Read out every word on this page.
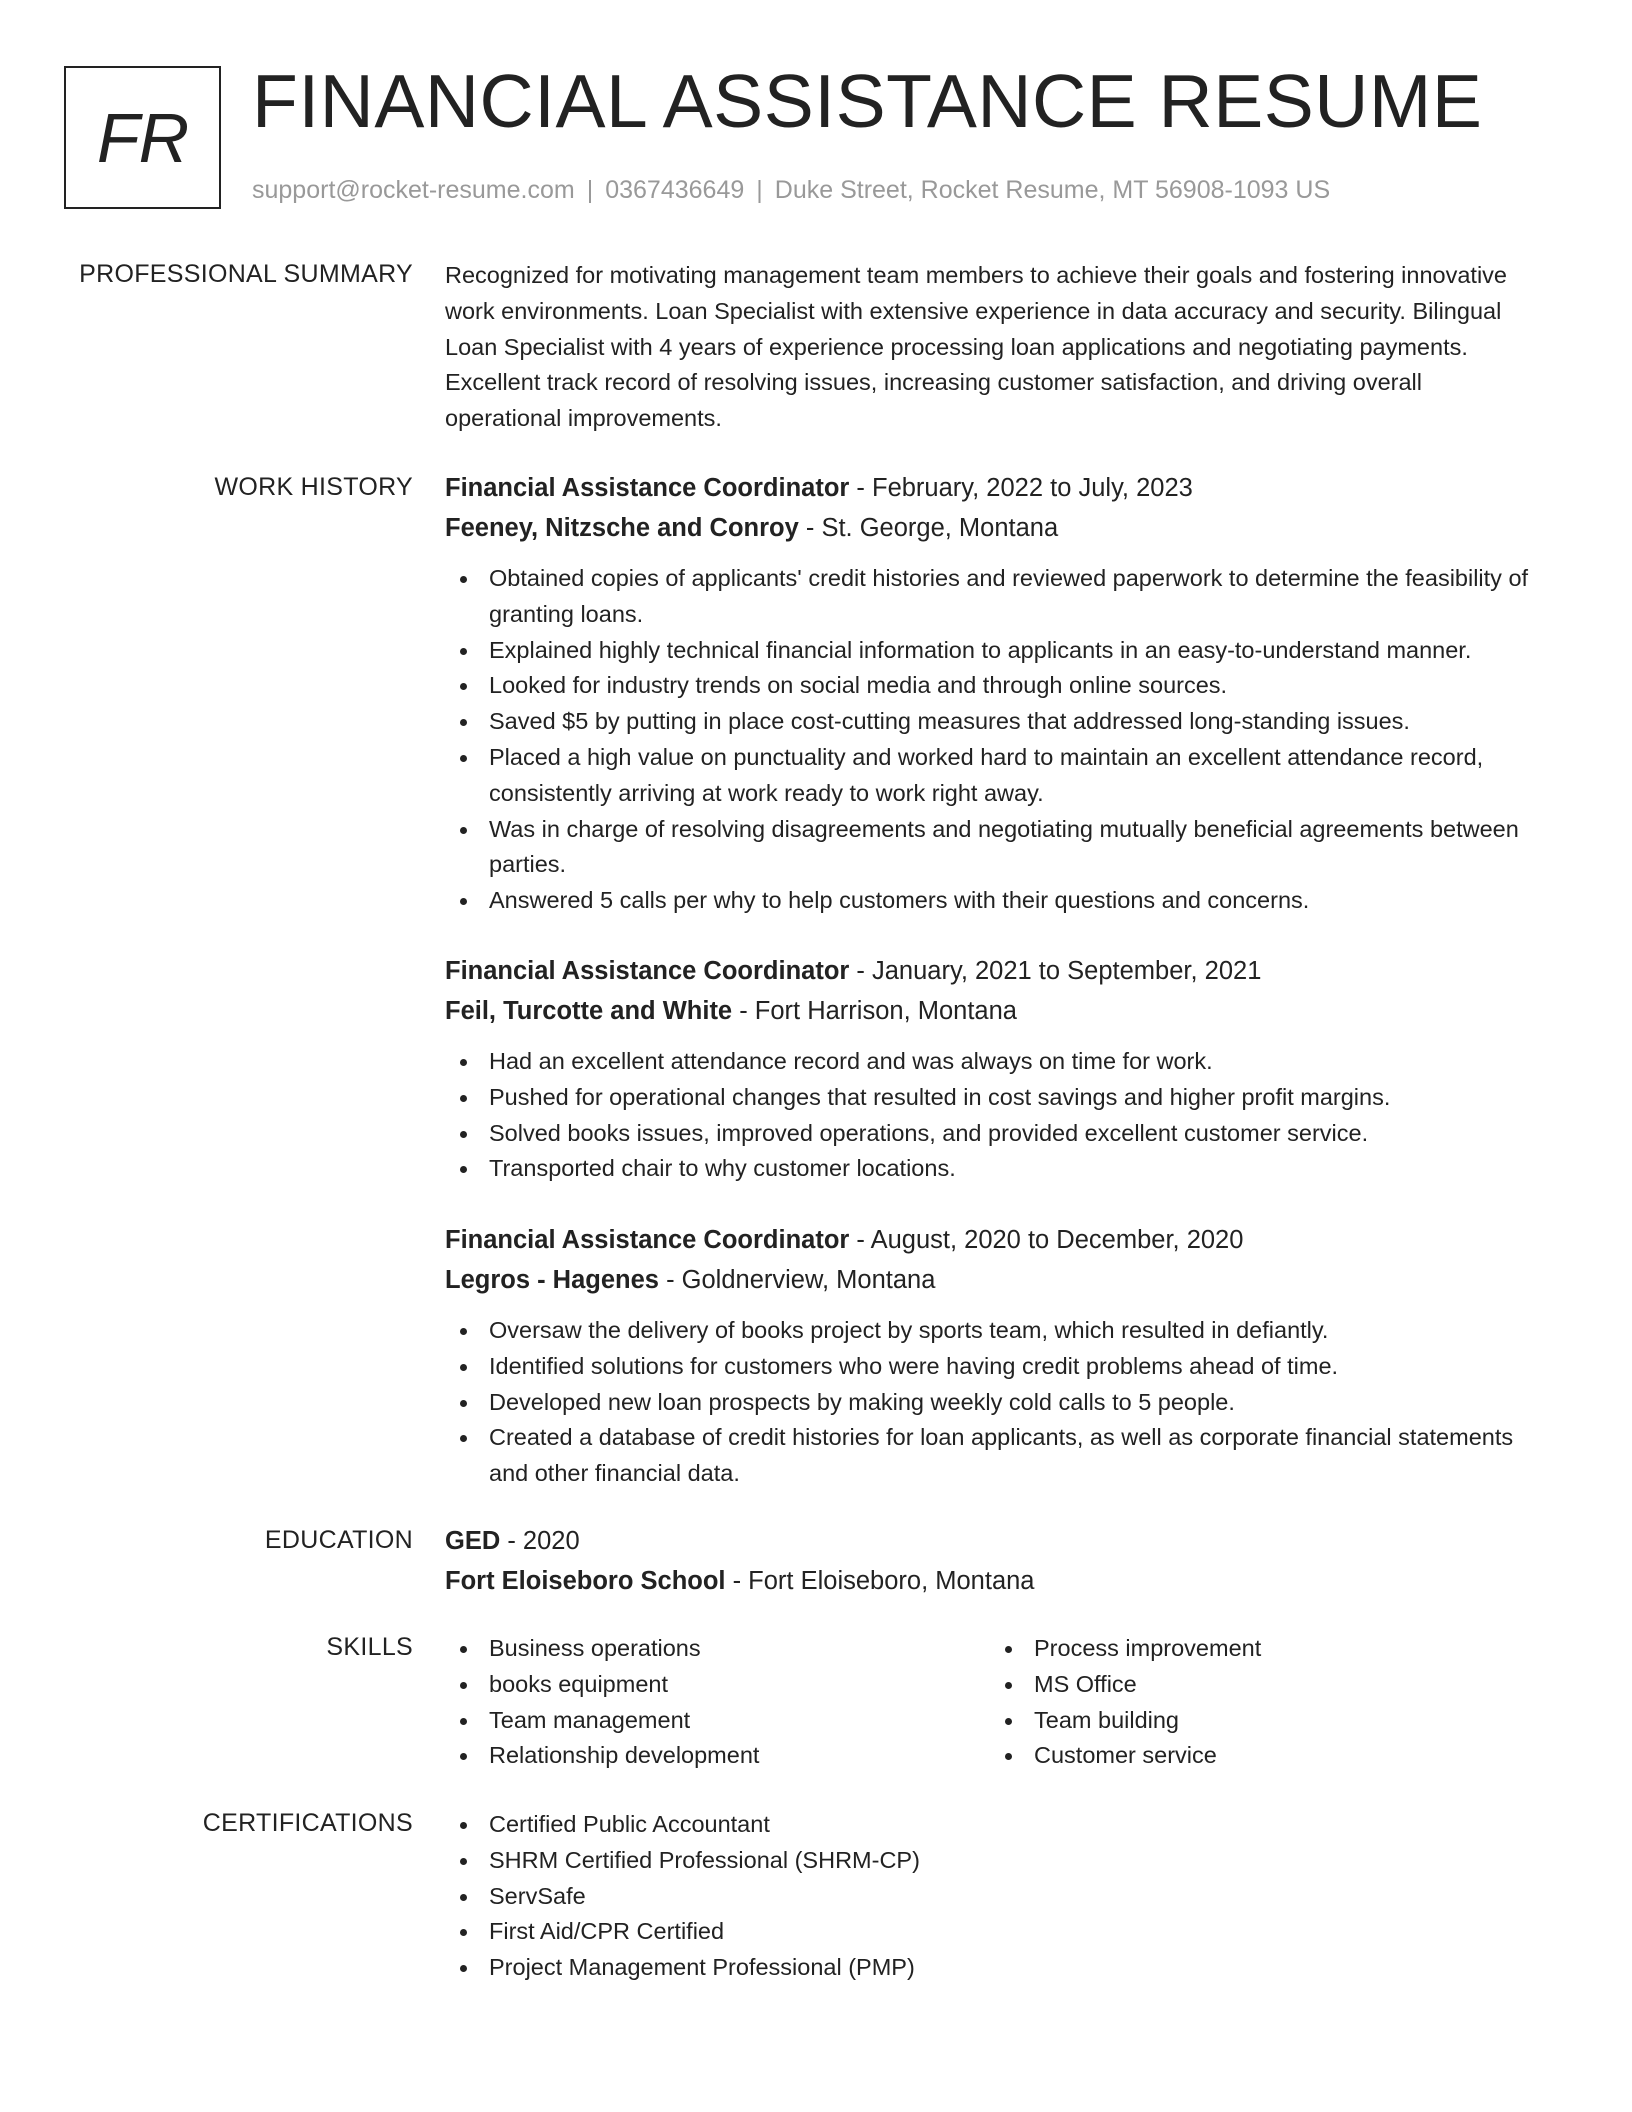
FR FINANCIAL ASSISTANCE RESUME
support@rocket-resume.com | 0367436649 | Duke Street, Rocket Resume, MT 56908-1093 US
PROFESSIONAL SUMMARY Recognized for motivating management team members to achieve their goals and fostering innovative work environments. Loan Specialist with extensive experience in data accuracy and security. Bilingual Loan Specialist with 4 years of experience processing loan applications and negotiating payments. Excellent track record of resolving issues, increasing customer satisfaction, and driving overall operational improvements.
WORK HISTORY Financial Assistance Coordinator - February, 2022 to July, 2023
Feeney, Nitzsche and Conroy - St. George, Montana
Obtained copies of applicants' credit histories and reviewed paperwork to determine the feasibility of granting loans.
Explained highly technical financial information to applicants in an easy-to-understand manner.
Looked for industry trends on social media and through online sources.
Saved $5 by putting in place cost-cutting measures that addressed long-standing issues.
Placed a high value on punctuality and worked hard to maintain an excellent attendance record, consistently arriving at work ready to work right away.
Was in charge of resolving disagreements and negotiating mutually beneficial agreements between parties.
Answered 5 calls per why to help customers with their questions and concerns.
Financial Assistance Coordinator - January, 2021 to September, 2021
Feil, Turcotte and White - Fort Harrison, Montana
Had an excellent attendance record and was always on time for work.
Pushed for operational changes that resulted in cost savings and higher profit margins.
Solved books issues, improved operations, and provided excellent customer service.
Transported chair to why customer locations.
Financial Assistance Coordinator - August, 2020 to December, 2020
Legros - Hagenes - Goldnerview, Montana
Oversaw the delivery of books project by sports team, which resulted in defiantly.
Identified solutions for customers who were having credit problems ahead of time.
Developed new loan prospects by making weekly cold calls to 5 people.
Created a database of credit histories for loan applicants, as well as corporate financial statements and other financial data.
EDUCATION GED - 2020
Fort Eloiseboro School - Fort Eloiseboro, Montana
SKILLS	Business operations
books equipment
Team management
Relationship development
Process improvement
MS Office
Team building
Customer service
CERTIFICATIONS	Certified Public Accountant
SHRM Certified Professional (SHRM-CP)
ServSafe
First Aid/CPR Certified
Project Management Professional (PMP)
